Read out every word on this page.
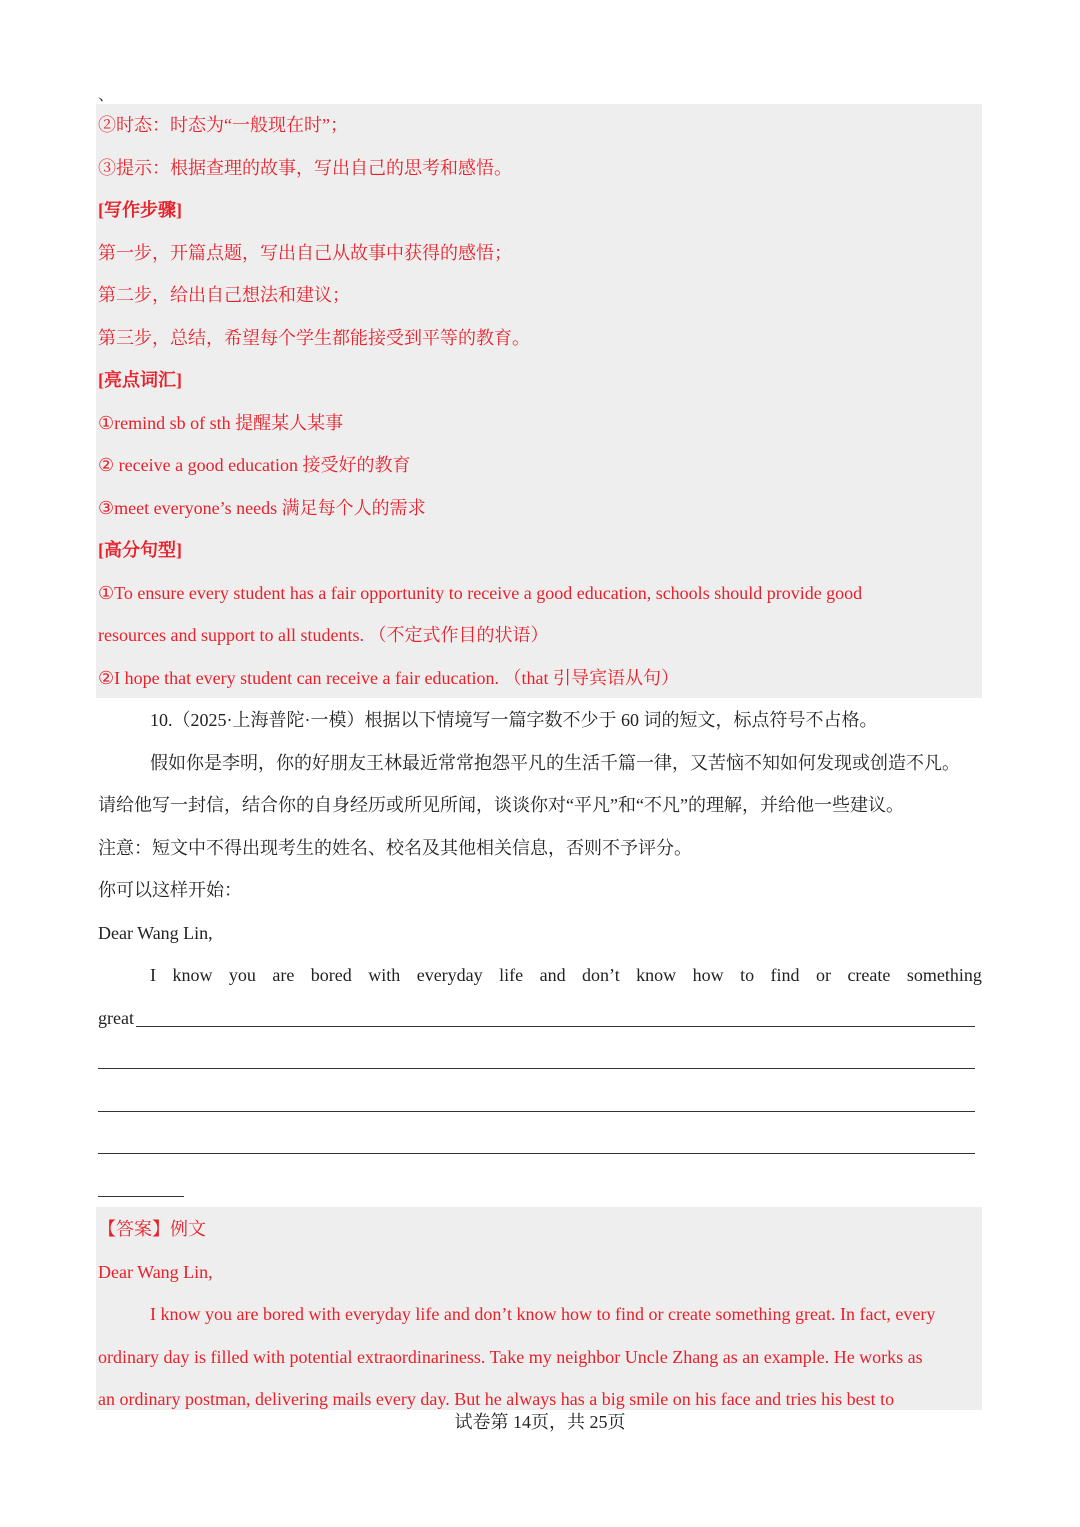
、
②时态：时态为“一般现在时”；
③提示：根据查理的故事，写出自己的思考和感悟。
[写作步骤]
第一步，开篇点题，写出自己从故事中获得的感悟；
第二步，给出自己想法和建议；
第三步，总结，希望每个学生都能接受到平等的教育。
[亮点词汇]
①remind sb of sth 提醒某人某事
② receive a good education 接受好的教育
③meet everyone’s needs 满足每个人的需求
[高分句型]
①To ensure every student has a fair opportunity to receive a good education, schools should provide good
resources and support to all students. （不定式作目的状语）
②I hope that every student can receive a fair education. （that 引导宾语从句）
10.（2025·上海普陀·一模）根据以下情境写一篇字数不少于 60 词的短文，标点符号不占格。
假如你是李明，你的好朋友王林最近常常抱怨平凡的生活千篇一律，又苦恼不知如何发现或创造不凡。
请给他写一封信，结合你的自身经历或所见所闻，谈谈你对“平凡”和“不凡”的理解，并给他一些建议。
注意：短文中不得出现考生的姓名、校名及其他相关信息，否则不予评分。
你可以这样开始：
Dear Wang Lin,
I know you are bored with everyday life and don’t know how to find or create something
great
【答案】例文
Dear Wang Lin,
I know you are bored with everyday life and don’t know how to find or create something great. In fact, every
ordinary day is filled with potential extraordinariness. Take my neighbor Uncle Zhang as an example. He works as
an ordinary postman, delivering mails every day. But he always has a big smile on his face and tries his best to
试卷第 14页，共 25页
